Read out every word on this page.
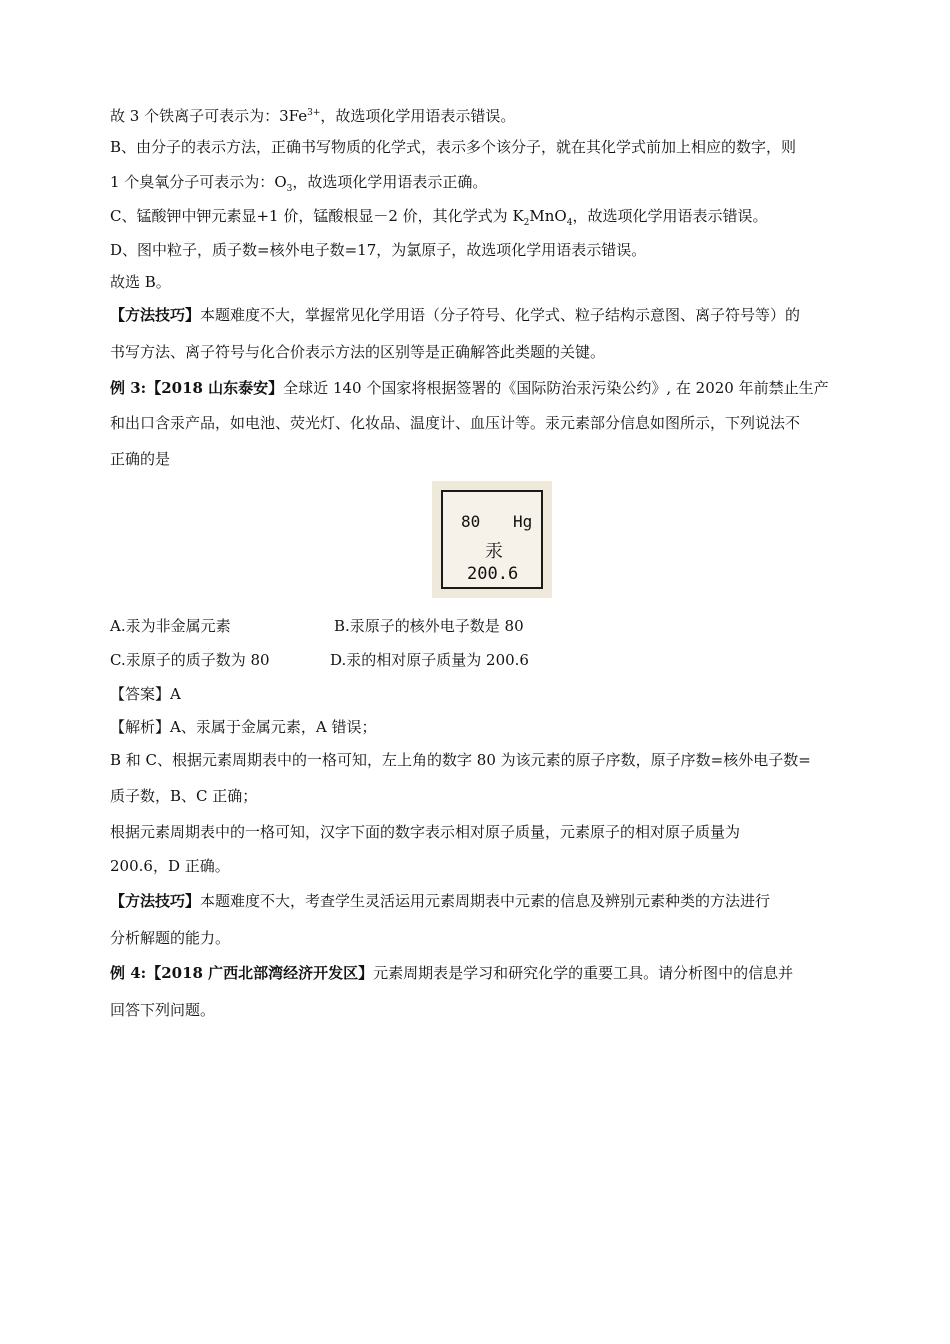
故 3 个铁离子可表示为：$3Fe^{3+}$，故选项化学用语表示错误。
B、由分子的表示方法，正确书写物质的化学式，表示多个该分子，就在其化学式前加上相应的数字，则
1 个臭氧分子可表示为：$O_3$，故选项化学用语表示正确。
C、锰酸钾中钾元素显+1 价，锰酸根显－2 价，其化学式为 $K_2MnO_4$，故选项化学用语表示错误。
D、图中粒子，质子数=核外电子数=17，为氯原子，故选项化学用语表示错误。
故选 B。
【方法技巧】本题难度不大，掌握常见化学用语（分子符号、化学式、粒子结构示意图、离子符号等）的
书写方法、离子符号与化合价表示方法的区别等是正确解答此类题的关键。
例 3:【2018 山东泰安】全球近 140 个国家将根据签署的《国际防治汞污染公约》, 在 2020 年前禁止生产
和出口含汞产品，如电池、荧光灯、化妆品、温度计、血压计等。汞元素部分信息如图所示，下列说法不
正确的是
80 Hg
汞
200.6
A.汞为非金属元素	B.汞原子的核外电子数是 80
C.汞原子的质子数为 80	D.汞的相对原子质量为 200.6
【答案】A
【解析】A、汞属于金属元素，A 错误；
B 和 C、根据元素周期表中的一格可知，左上角的数字 80 为该元素的原子序数，原子序数=核外电子数=
质子数，B、C 正确；
根据元素周期表中的一格可知，汉字下面的数字表示相对原子质量，元素原子的相对原子质量为
200.6，D 正确。
【方法技巧】本题难度不大，考查学生灵活运用元素周期表中元素的信息及辨别元素种类的方法进行
分析解题的能力。
例 4:【2018 广西北部湾经济开发区】元素周期表是学习和研究化学的重要工具。请分析图中的信息并
回答下列问题。
